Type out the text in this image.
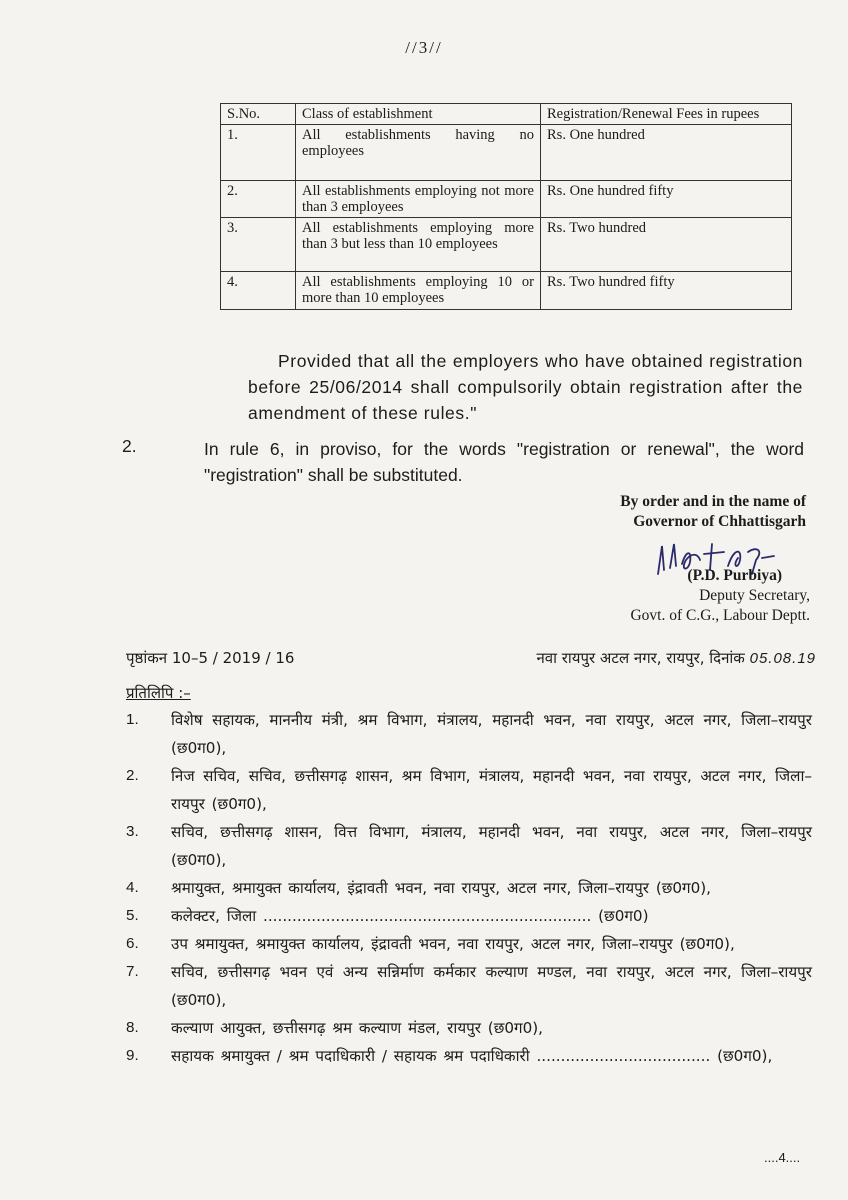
//3//
S.No.	Class of establishment	Registration/Renewal Fees in rupees
1.	All establishments having no employees	Rs. One hundred
2.	All establishments employing not more than 3 employees	Rs. One hundred fifty
3.	All establishments employing more than 3 but less than 10 employees	Rs. Two hundred
4.	All establishments employing 10 or more than 10 employees	Rs. Two hundred fifty

Provided that all the employers who have obtained registration before 25/06/2014 shall compulsorily obtain registration after the amendment of these rules."

2.	In rule 6, in proviso, for the words "registration or renewal", the word "registration" shall be substituted.
By order and in the name of
Governor of Chhattisgarh
(P.D. Purbiya)
Deputy Secretary,
Govt. of C.G., Labour Deptt.
पृष्ठांकन 10–5 / 2019 / 16	नवा रायपुर अटल नगर, रायपुर, दिनांक 05.08.19
प्रतिलिपि :–
1. विशेष सहायक, माननीय मंत्री, श्रम विभाग, मंत्रालय, महानदी भवन, नवा रायपुर, अटल नगर, जिला–रायपुर (छ0ग0),
2. निज सचिव, सचिव, छत्तीसगढ़ शासन, श्रम विभाग, मंत्रालय, महानदी भवन, नवा रायपुर, अटल नगर, जिला–रायपुर (छ0ग0),
3. सचिव, छत्तीसगढ़ शासन, वित्त विभाग, मंत्रालय, महानदी भवन, नवा रायपुर, अटल नगर, जिला–रायपुर (छ0ग0),
4. श्रमायुक्त, श्रमायुक्त कार्यालय, इंद्रावती भवन, नवा रायपुर, अटल नगर, जिला–रायपुर (छ0ग0),
5. कलेक्टर, जिला .................................................................... (छ0ग0)
6. उप श्रमायुक्त, श्रमायुक्त कार्यालय, इंद्रावती भवन, नवा रायपुर, अटल नगर, जिला–रायपुर (छ0ग0),
7. सचिव, छत्तीसगढ़ भवन एवं अन्य सन्निर्माण कर्मकार कल्याण मण्डल, नवा रायपुर, अटल नगर, जिला–रायपुर (छ0ग0),
8. कल्याण आयुक्त, छत्तीसगढ़ श्रम कल्याण मंडल, रायपुर (छ0ग0),
9. सहायक श्रमायुक्त / श्रम पदाधिकारी / सहायक श्रम पदाधिकारी .................................... (छ0ग0),
....4....
